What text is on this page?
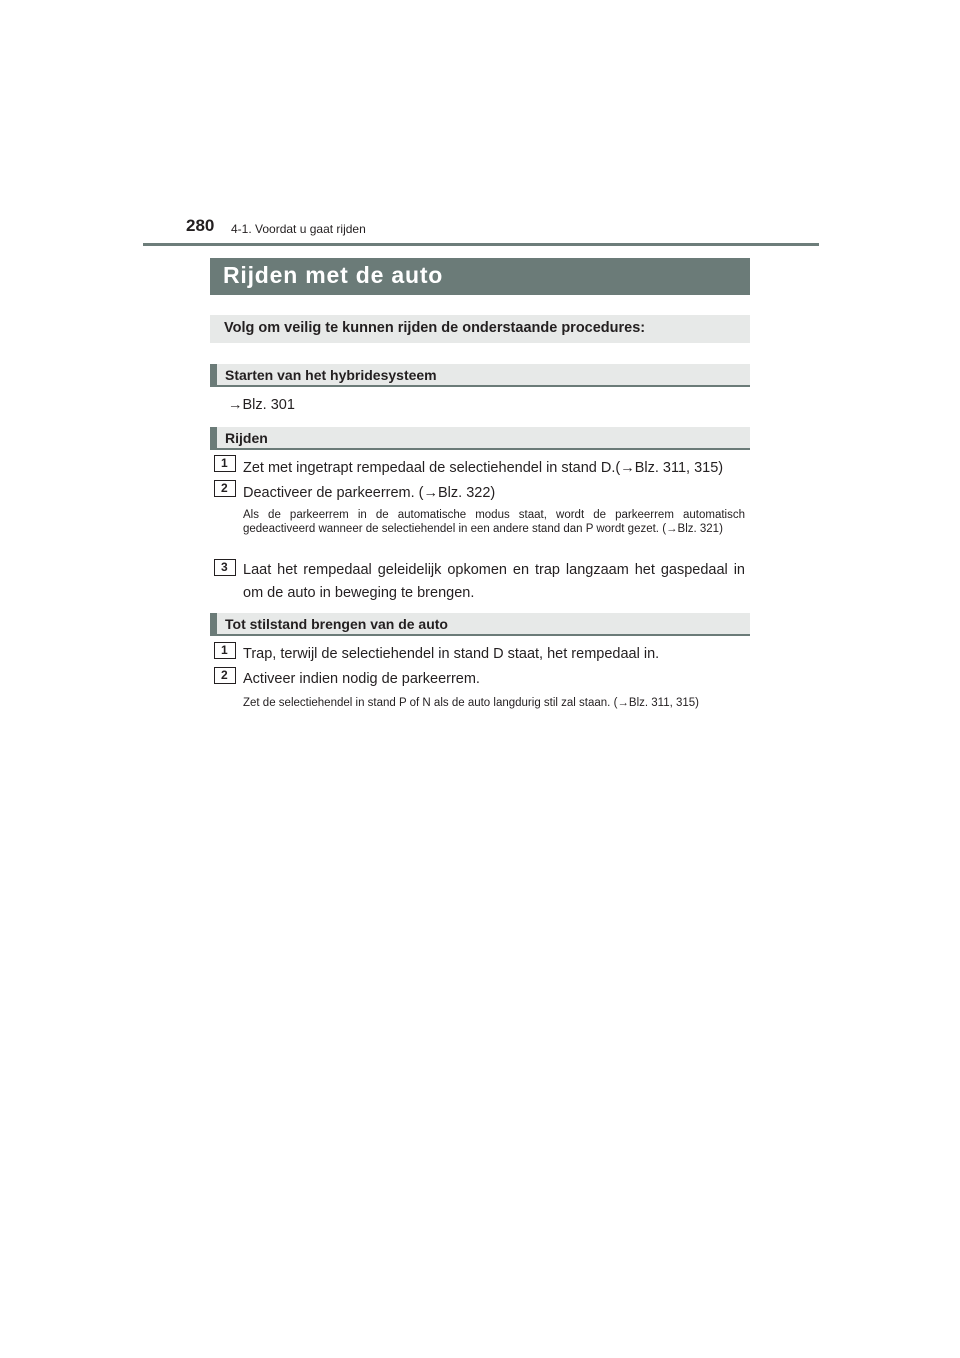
280 4-1. Voordat u gaat rijden
Rijden met de auto
Volg om veilig te kunnen rijden de onderstaande procedures:
Starten van het hybridesysteem
→Blz. 301
Rijden
1 Zet met ingetrapt rempedaal de selectiehendel in stand D.(→Blz. 311, 315)
2 Deactiveer de parkeerrem. (→Blz. 322)
Als de parkeerrem in de automatische modus staat, wordt de parkeerrem automatisch gedeactiveerd wanneer de selectiehendel in een andere stand dan P wordt gezet. (→Blz. 321)
3 Laat het rempedaal geleidelijk opkomen en trap langzaam het gaspedaal in om de auto in beweging te brengen.
Tot stilstand brengen van de auto
1 Trap, terwijl de selectiehendel in stand D staat, het rempedaal in.
2 Activeer indien nodig de parkeerrem.
Zet de selectiehendel in stand P of N als de auto langdurig stil zal staan. (→Blz. 311, 315)
